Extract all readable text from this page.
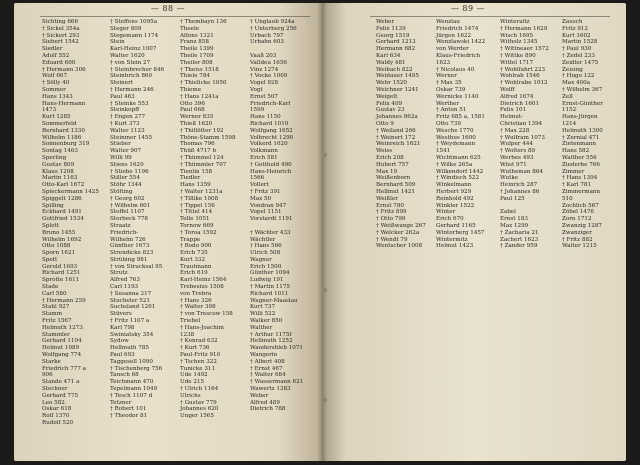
— 88 —
Sichting 666
† Sickel 354a
† Sickert 293
Siebert 1542
Siedler
Adolf 552
Eduard 600
† Hermann 306
Wolf 667
† Sölly 40
Sommer
Hans 1343
Hans-Hermann
1473
Kurt 1285
Sommerfeld
Bernhard 1330
Wilhelm 1186
Sonnenburg 319
Sontag 1463
Sperling
Gustav 809
Klaus 1208
Martin 1163
Otto-Karl 1672
Spieckermann 1425
Spiggelt 1286
Spilling
Eckhard 1491
Gottfried 1534
Splett
Bruno 1455
Wilhelm 1692
Otto 1088
Sporn 1621
Spott
Gerold 1693
Richard 1251
Sprotte 1611
Stade
Carl 580
† Hermann 259
Stahl 927
Stamm
Fritz 1567
Helmuth 1273
Stammler
Gerhard 1194
Helmut 1089
Wolfgang 774
Starke
Friedrich 777 a
906
Stande 471 a
Steckner
Gerhard 775
Leo 582
Oskar 618
Rolf 1370
Rudolf 520
† Steffens 1095a
Steger 809
Stegemann 1174
Stein
Karl-Heinz 1007
Walter 1620
† von Stein 27
† Steinbrecher 846
Steinbrich 860
Steinert
† Hermann 246
Paul 463
† Steinke 553
Steinkopff
† Engen 277
† Kurt 373
Walter 1123
Steinmer 1455
Stieber
Walter 907
Willi 99
Stiens 1629
† Stiebe 1196
Stiller 554
Stöhr 1344
Stölting
† Georg 602
† Wilhelm 601
Stoffel 1107
Storbeck 778
Straatz
Friedrich-
Wilhelm 726
Günther 1673
Strendicke 823
Strübing 981
† von Strucksal 95
Strutz
Alfred 763
Carl 1193
† Susanna 217
Stucheler 521
Suchsland 1261
Stüvers
† Fritz 1107 a
Karl 798
Swiniatsky 354
Sydow
Hellmuth 785
Paul 693
Taggesell 1090
† Tischenberg 756
Tansch 68
Teichmann 470
Tepelmann 1049
† Tesch 1107 d
Tetzner
† Robert 101
† Theodor 81
† Thembayn 136
Theele
Alfons 1321
Franz 858
Theile 1399
Theile 1709
Theiler 808
† Theiss 1518
Thiele 784
† Thielicke 1050
Thieme
† Hans 1241a
Otto 396
Paul 668
Werner 835
Thieß 1620
† Thillötter 192
Thöne-Stamm 1598
Thomas 796
Thüß 4717 b
† Thümmel 124
† Thümmler 707
Tienlin 158
Tiedler
Hans 1359
† Walter 1231a
† Tillike 1008
† Tippel 156
† Tittel 414
Tolle 1051
Tornow 669
† Toroa 1592
Trappe
† Bodo 900
Erich 735
Kurt 332
Trautmann
Erich 619
Karl-Heinz 1564
Trebesius 1508
von Trebra
† Hans 326
† Walter 398
† von Trescow 158
Triebel
† Hans-Joachim
1238
† Konrad 632
† Kurt 736
Paul-Fritz 910
† Tschen 322
Tunicke 311
Ude 1492
Ude 215
† Ulrich 1164
Ulrichs
† Gustav 779
Johannes 620
Unger 1565
† Unglaub 924a
† Unterberg 256
Urbach 797
Urbahn 603

Vaaß 203
Valldeu 1656
Vinz 1274
† Vocke 1009
Vogel 928
Vogt
Ernst 507
Friedrich-Karl
1599
Hans 1150
Richard 1010
Wolfgang 1652
Volbrecht 1290
Volkerd 1620
Volkmann
Erich 581
† Gotthold 490
Hans-Heinrich
1566
Vollert
† Fritz 391
Max 50
Vondran 947
Vopel 1151
Vorstardt 1191

† Wächter 433
Wächtler
† Hans 566
Ulrich 508
Wagner
Erich 1500
Günther 1094
Ludwig 191
† Martin 1175
Richard 1011
Wagner-Maaslau
Kurt 737
Willi 522
Walker 850
Walther
† Arthur 1175f
Hellmuth 1252
Wandershleb 1071
Wangerin
† Albert 408
† Ernst 467
† Walter 684
† Wassermann 621
Wawertz 1383
Weber
Alfred 489
Dietrich 788
— 89 —
Weber
Felix 1139
Georg 1519
Gerhard 1213
Hermann 682
Karl 634
Waldy 481
Weibach 822
Weidauer 1495
Wehr 1520
Weichner 1241
Weigelt
Felix 409
Gustav 23
Johannes 862a
Otto 9
† Weiland 266
† Weinert 172
Weinreich 1621
Weiss
Erich 208
Hubert 757
Max 19
Weißenborn
Bernhard 509
Hellmut 1421
Weißler
Ernst 780
† Fritz 899
† Otto 799
† Weißwange 267
† Welcker 262a
† Wendt 79
Wentscher 1008
Wenzlau
Friedrich 1474
Jürgen 1622
Wenzlawski 1422
von Werder
Klaus-Friedrich
1623
† Nicolaus 40
Werner
† Max 35
Oskar 739
Wernicke 1140
Werther
† Anton 51
Fritz 685 a, 1581
Otto 739
Wesche 1770
Westhus 1600
† Weydemann
1541
Wichtmann 625
† Wilke 265a
Wilkendorf 1442
† Windisch 522
Winkelmann
Herbert 929
Reinhold 492
Winkler 1522
Winter
Erich 670
Gerhard 1165
Wintorberg 1457
Wintermitz
Helmut 1423
Winteraltz
† Hermann 1629
Wisch 1695
Witholz 1345
† Wittneaer 1572
† Wittke 890
Wittel 1717
† Wohlfahrt 223
Wohlrab 1546
† Wohlrabe 1012
Wolff
Alfred 1674
Dietrich 1601
Felix 101
Helmut-
Christian 1394
† Max 228
† Wulfram 1073
Wulper 444
† Wolters 89
Werbes 493
Wüst 971
Wutheman 864
Wutke
Heinrich 287
† Johannes 86
Paul 125

Zabel
Ernst 183
Max 1299
† Zacharia 21
Zachert 1623
† Zander 959
Zausch
Fritz 912
Kurt 1602
Martin 1528
† Paul 930
† Zedel 233
Zeidler 1475
Zeising
† Hugo 122
Max 400a
† Wilhelm 367
Zell
Ernst-Günther
1152
Hans-Jürgen
1214
Helmuth 1300
† Zernial 471
Zietenmann
Hans 582
Walther 556
Ziederbe 766
Zimmer
† Hans 1394
† Karl 781
Zimmermann
510
Zochlich 567
Zöbel 1476
Zorn 1712
Zwanzig 1287
Zwanziger
† Fritz 882
Walter 1215
